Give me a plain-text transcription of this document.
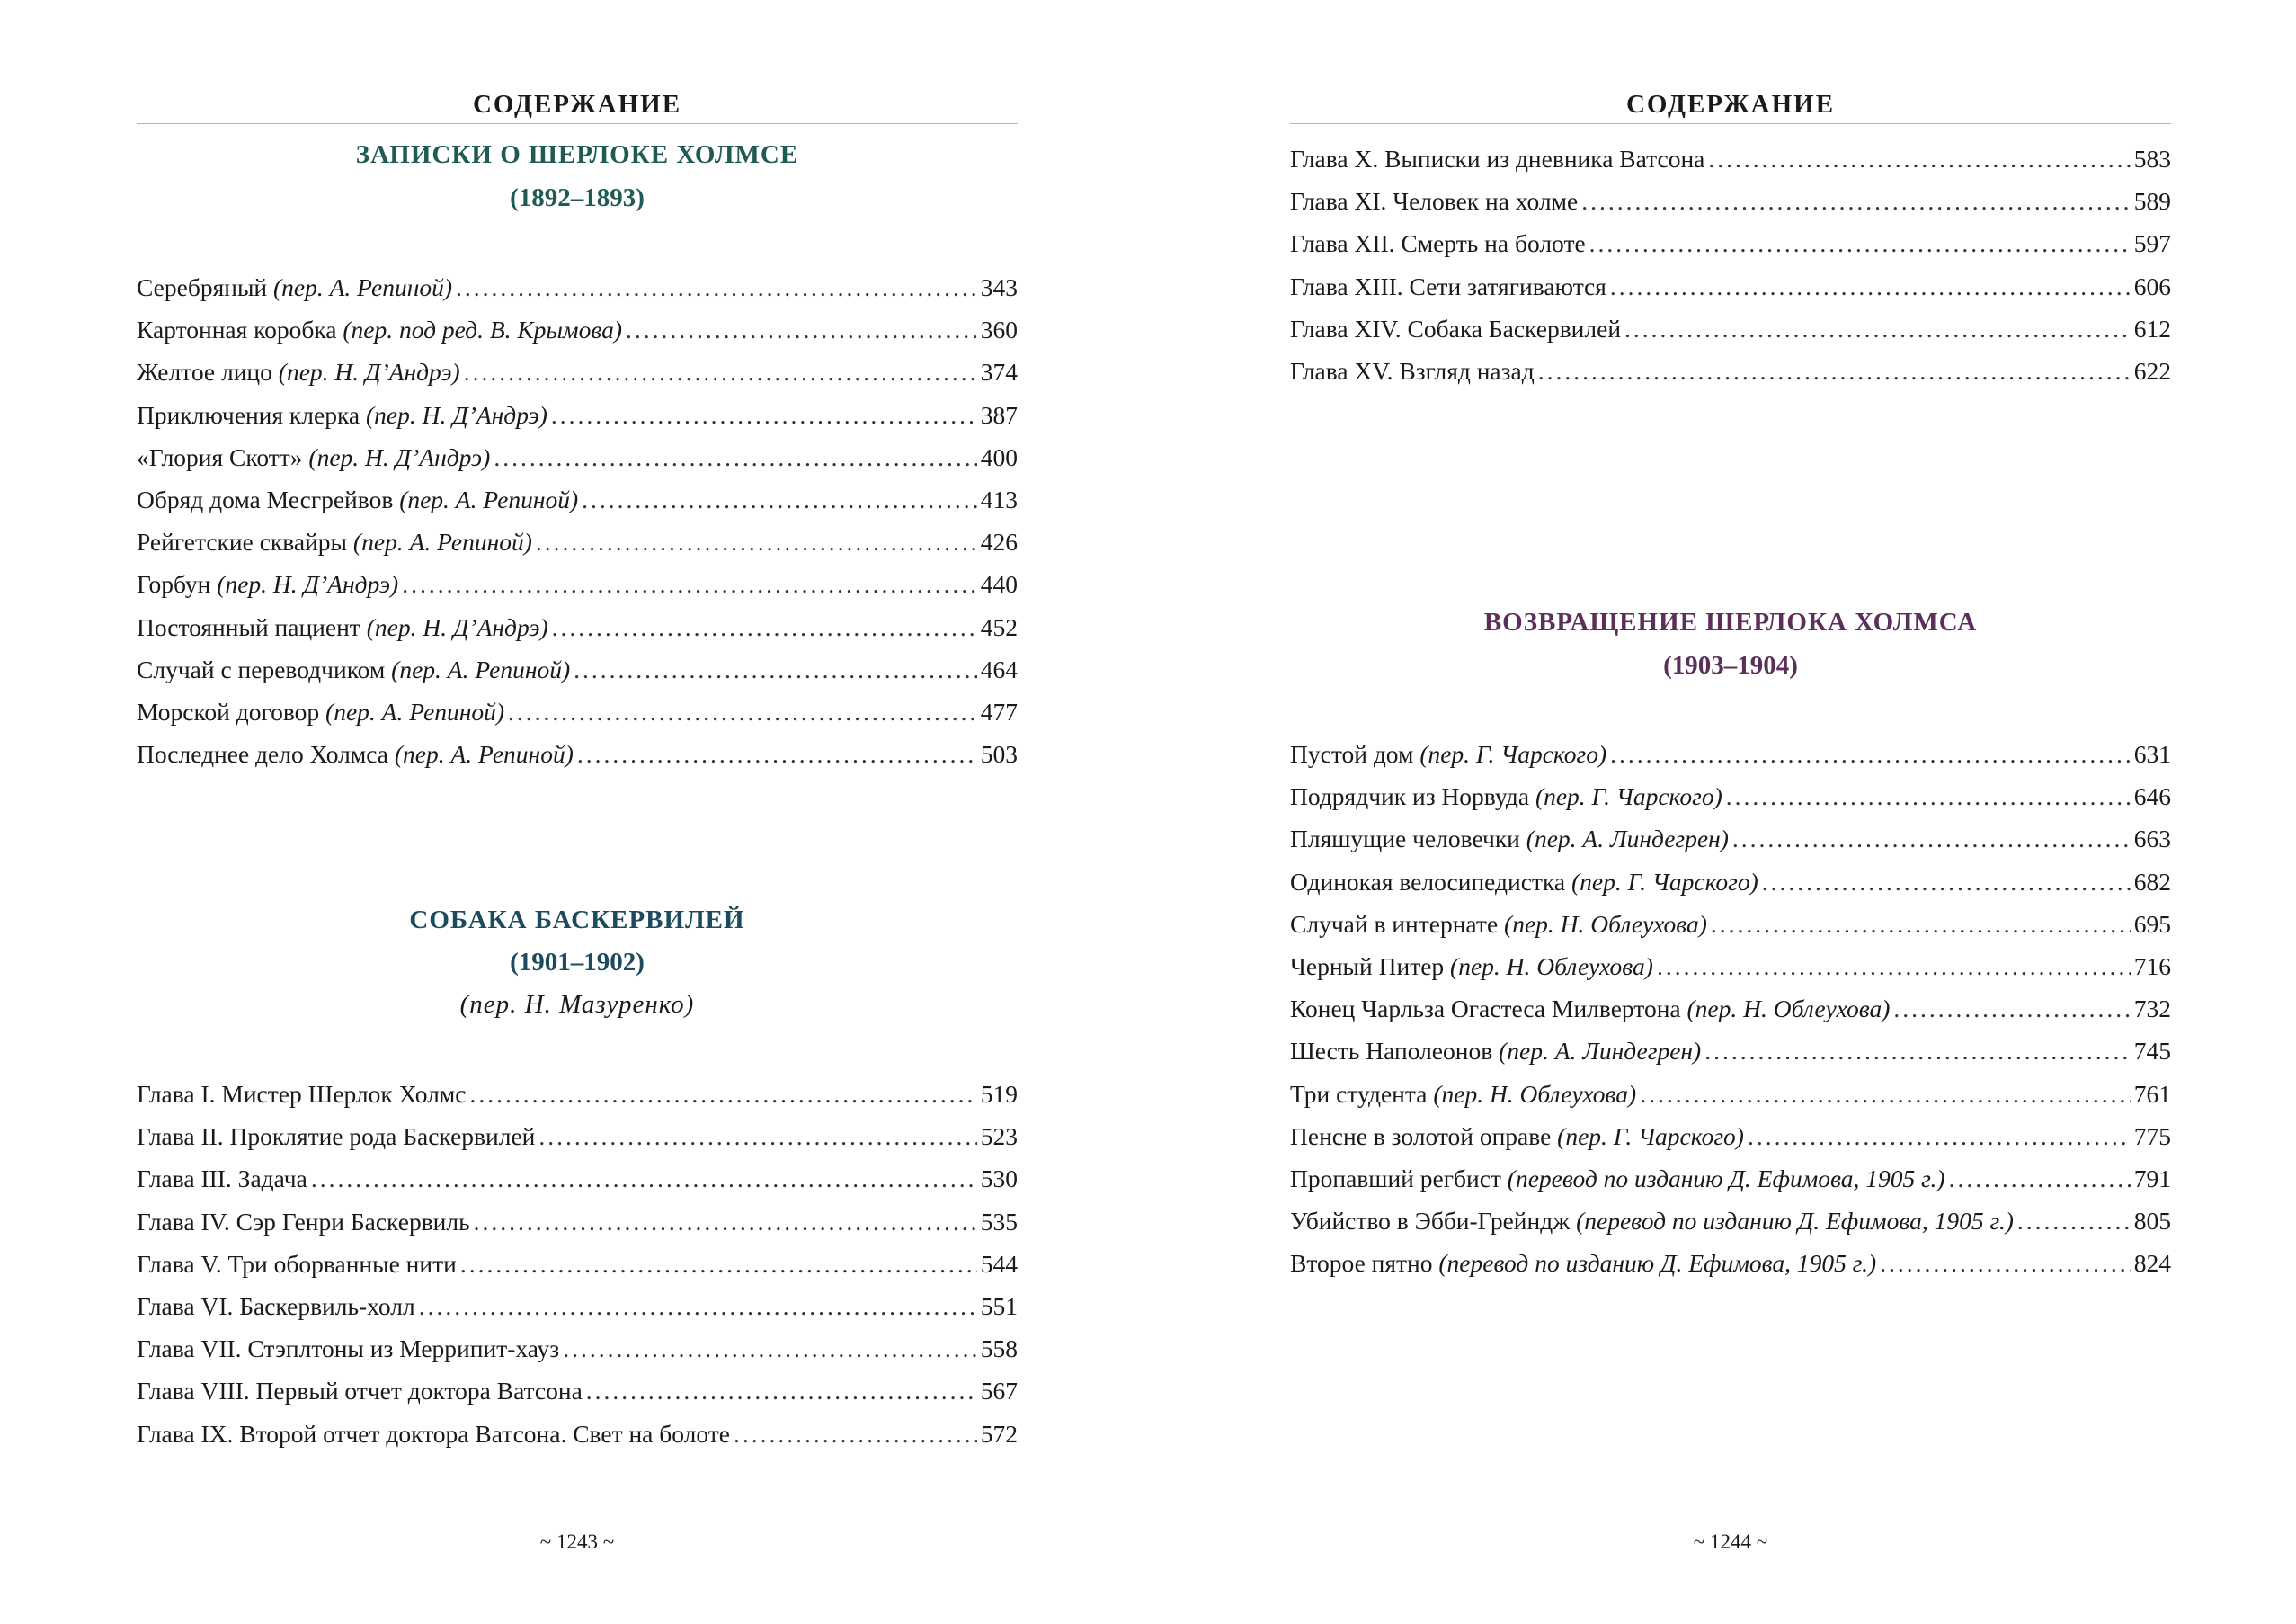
СОДЕРЖАНИЕ
ЗАПИСКИ О ШЕРЛОКЕ ХОЛМСЕ
(1892–1893)
Серебряный (пер. А. Репиной) .....	343
Картонная коробка (пер. под ред. В. Крымова) .....	360
Желтое лицо (пер. Н. Д’Андрэ) .....	374
Приключения клерка (пер. Н. Д’Андрэ) .....	387
«Глория Скотт» (пер. Н. Д’Андрэ) .....	400
Обряд дома Месгрейвов (пер. А. Репиной) .....	413
Рейгетские сквайры (пер. А. Репиной) .....	426
Горбун (пер. Н. Д’Андрэ) .....	440
Постоянный пациент (пер. Н. Д’Андрэ) .....	452
Случай с переводчиком (пер. А. Репиной) .....	464
Морской договор (пер. А. Репиной) .....	477
Последнее дело Холмса (пер. А. Репиной) .....	503
СОБАКА БАСКЕРВИЛЕЙ
(1901–1902)
(пер. Н. Мазуренко)
Глава I. Мистер Шерлок Холмс .....	519
Глава II. Проклятие рода Баскервилей .....	523
Глава III. Задача .....	530
Глава IV. Сэр Генри Баскервиль .....	535
Глава V. Три оборванные нити .....	544
Глава VI. Баскервиль-холл .....	551
Глава VII. Стэплтоны из Меррипит-хауз .....	558
Глава VIII. Первый отчет доктора Ватсона .....	567
Глава IX. Второй отчет доктора Ватсона. Свет на болоте .....	572
~ 1243 ~
СОДЕРЖАНИЕ
Глава X. Выписки из дневника Ватсона .....	583
Глава XI. Человек на холме .....	589
Глава XII. Смерть на болоте .....	597
Глава XIII. Сети затягиваются .....	606
Глава XIV. Собака Баскервилей .....	612
Глава XV. Взгляд назад .....	622
ВОЗВРАЩЕНИЕ ШЕРЛОКА ХОЛМСА
(1903–1904)
Пустой дом (пер. Г. Чарского) .....	631
Подрядчик из Норвуда (пер. Г. Чарского) .....	646
Пляшущие человечки (пер. А. Линдегрен) .....	663
Одинокая велосипедистка (пер. Г. Чарского) .....	682
Случай в интернате (пер. Н. Облеухова) .....	695
Черный Питер (пер. Н. Облеухова) .....	716
Конец Чарльза Огастеса Милвертона (пер. Н. Облеухова) .....	732
Шесть Наполеонов (пер. А. Линдегрен) .....	745
Три студента (пер. Н. Облеухова) .....	761
Пенсне в золотой оправе (пер. Г. Чарского) .....	775
Пропавший регбист (перевод по изданию Д. Ефимова, 1905 г.) .....	791
Убийство в Эбби-Грейндж (перевод по изданию Д. Ефимова, 1905 г.) .....	805
Второе пятно (перевод по изданию Д. Ефимова, 1905 г.) .....	824
~ 1244 ~
